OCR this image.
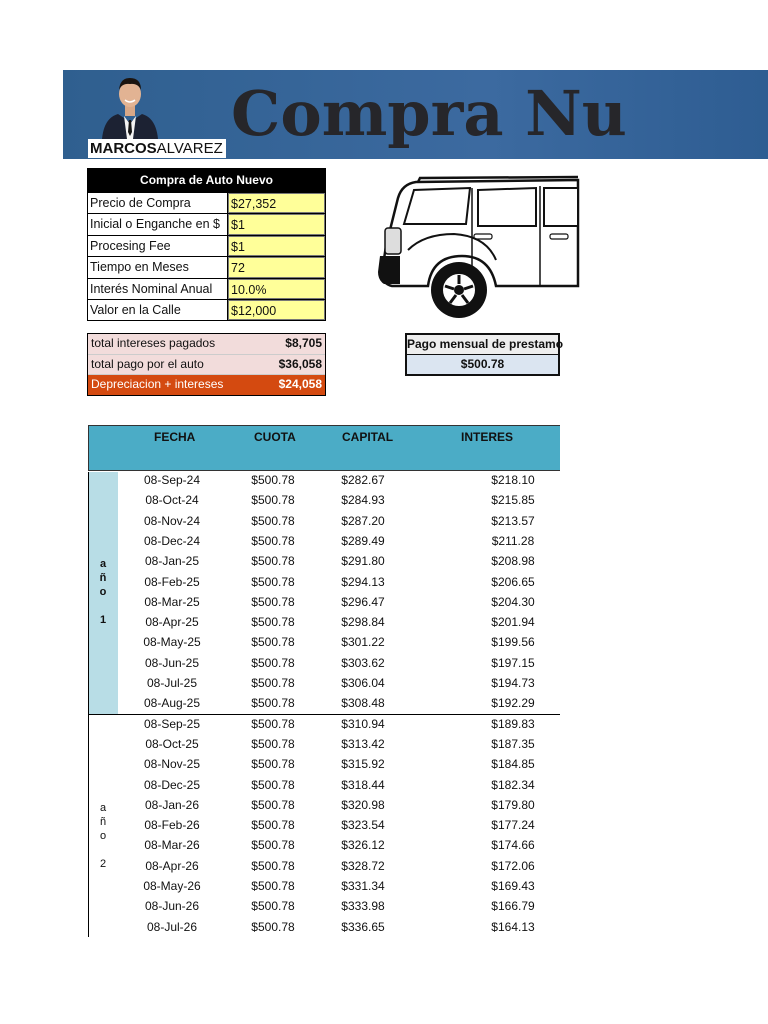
Compra Nu
MARCOSALVAREZ
Compra de Auto Nuevo
Precio de Compra	$27,352
Inicial o Enganche en $ $1
Procesing Fee	$1
Tiempo en Meses	72
Interés Nominal Anual	10.0%
Valor en la Calle	$12,000
total intereses pagados	$8,705
total pago por el auto	$36,058
Depreciacion + intereses	$24,058
Pago mensual de prestamo
$500.78
FECHA	CUOTA	CAPITAL	INTERES
a
ñ
o
1
a
ñ
o
2
08-Sep-24	$500.78	$282.67	$218.10
08-Oct-24	$500.78	$284.93	$215.85
08-Nov-24	$500.78	$287.20	$213.57
08-Dec-24	$500.78	$289.49	$211.28
08-Jan-25	$500.78	$291.80	$208.98
08-Feb-25	$500.78	$294.13	$206.65
08-Mar-25	$500.78	$296.47	$204.30
08-Apr-25	$500.78	$298.84	$201.94
08-May-25	$500.78	$301.22	$199.56
08-Jun-25	$500.78	$303.62	$197.15
08-Jul-25	$500.78	$306.04	$194.73
08-Aug-25	$500.78	$308.48	$192.29
08-Sep-25	$500.78	$310.94	$189.83
08-Oct-25	$500.78	$313.42	$187.35
08-Nov-25	$500.78	$315.92	$184.85
08-Dec-25	$500.78	$318.44	$182.34
08-Jan-26	$500.78	$320.98	$179.80
08-Feb-26	$500.78	$323.54	$177.24
08-Mar-26	$500.78	$326.12	$174.66
08-Apr-26	$500.78	$328.72	$172.06
08-May-26	$500.78	$331.34	$169.43
08-Jun-26	$500.78	$333.98	$166.79
08-Jul-26	$500.78	$336.65	$164.13
